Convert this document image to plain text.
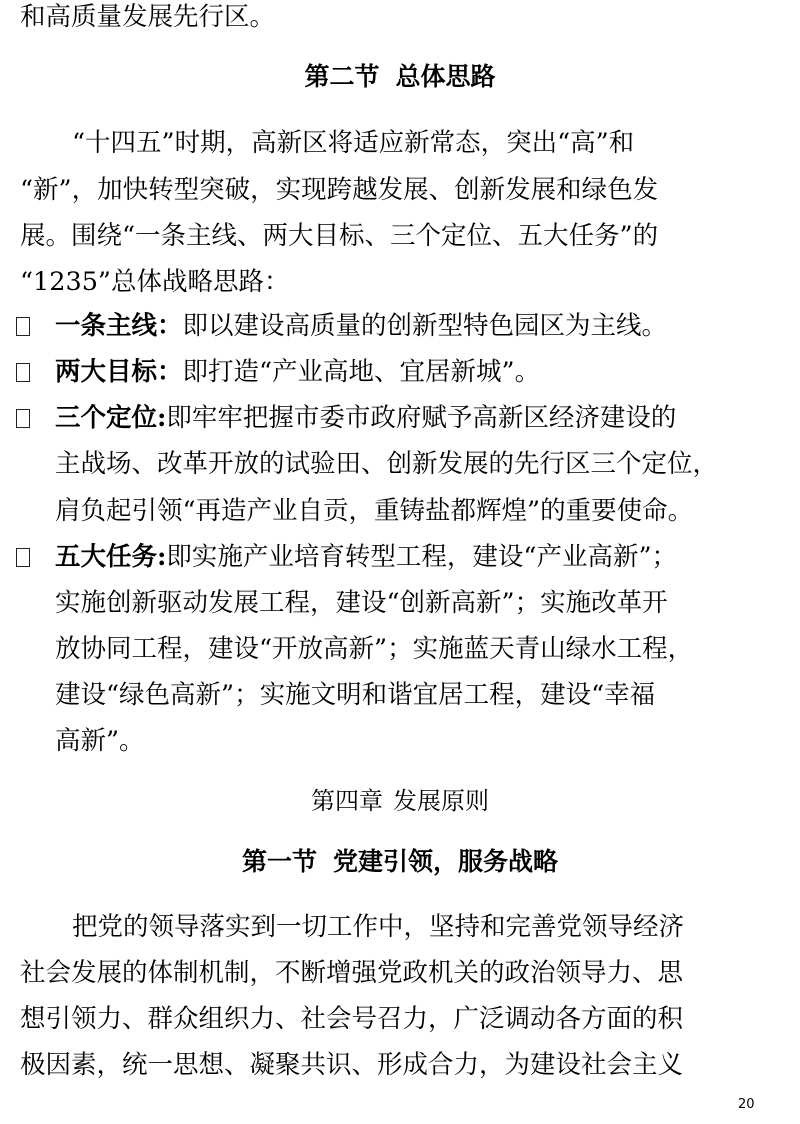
和高质量发展先行区。
第二节 总体思路
“十四五”时期，高新区将适应新常态，突出“高”和
“新”，加快转型突破，实现跨越发展、创新发展和绿色发
展。围绕“一条主线、两大目标、三个定位、五大任务”的
“1235”总体战略思路：
一条主线：即以建设高质量的创新型特色园区为主线。
两大目标：即打造“产业高地、宜居新城”。
三个定位:即牢牢把握市委市政府赋予高新区经济建设的
主战场、改革开放的试验田、创新发展的先行区三个定位，
肩负起引领“再造产业自贡，重铸盐都辉煌”的重要使命。
五大任务:即实施产业培育转型工程，建设“产业高新”；
实施创新驱动发展工程，建设“创新高新”；实施改革开
放协同工程，建设“开放高新”；实施蓝天青山绿水工程，
建设“绿色高新”；实施文明和谐宜居工程，建设“幸福
高新”。
第四章 发展原则
第一节 党建引领，服务战略
把党的领导落实到一切工作中，坚持和完善党领导经济
社会发展的体制机制，不断增强党政机关的政治领导力、思
想引领力、群众组织力、社会号召力，广泛调动各方面的积
极因素，统一思想、凝聚共识、形成合力，为建设社会主义
20
